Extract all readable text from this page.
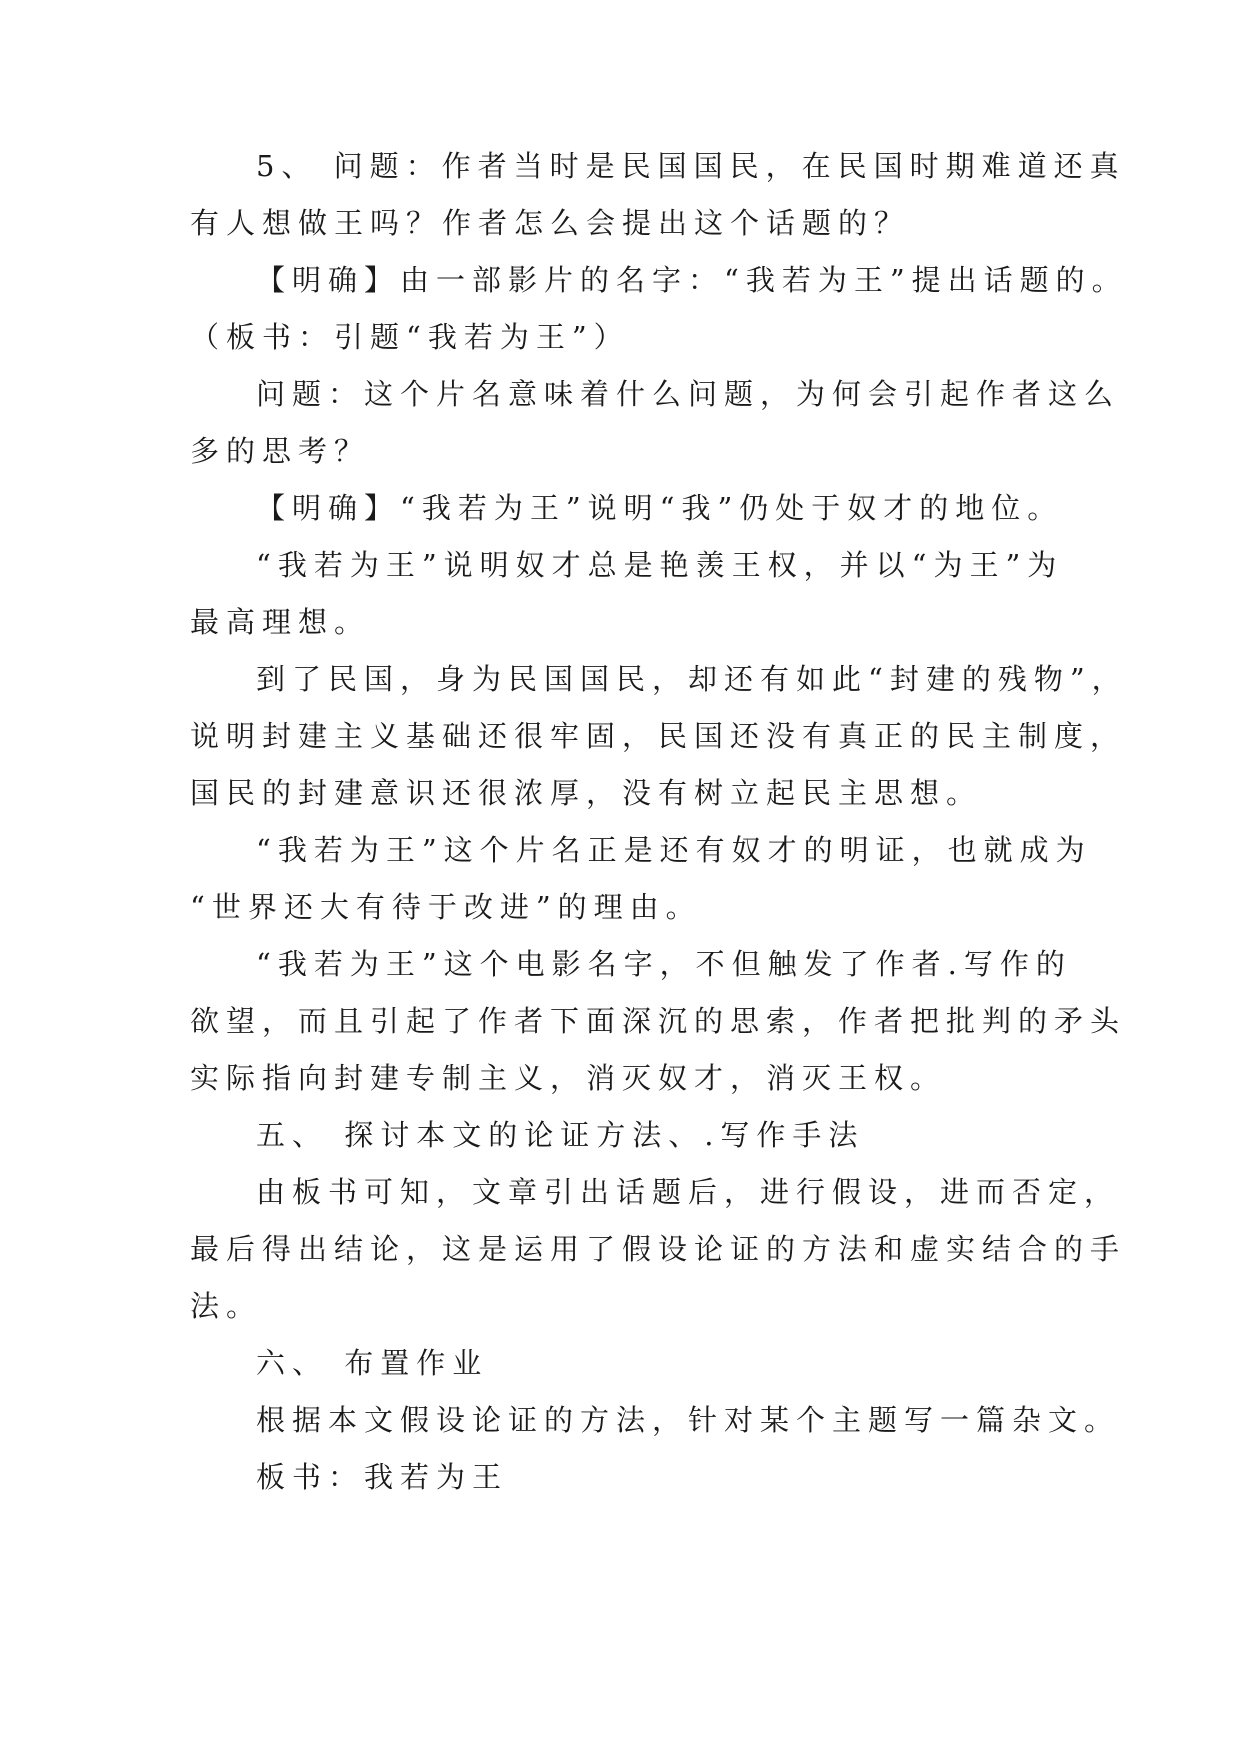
5、 问题：作者当时是民国国民，在民国时期难道还真
有人想做王吗？作者怎么会提出这个话题的？
【明确】由一部影片的名字：“我若为王”提出话题的。
（板书：引题“我若为王”）
问题：这个片名意味着什么问题，为何会引起作者这么
多的思考？
【明确】“我若为王”说明“我”仍处于奴才的地位。
“我若为王”说明奴才总是艳羡王权，并以“为王”为
最高理想。
到了民国，身为民国国民，却还有如此“封建的残物”，
说明封建主义基础还很牢固，民国还没有真正的民主制度，
国民的封建意识还很浓厚，没有树立起民主思想。
“我若为王”这个片名正是还有奴才的明证，也就成为
“世界还大有待于改进”的理由。
“我若为王”这个电影名字，不但触发了作者.写作的
欲望，而且引起了作者下面深沉的思索，作者把批判的矛头
实际指向封建专制主义，消灭奴才，消灭王权。
五、 探讨本文的论证方法、.写作手法
由板书可知，文章引出话题后，进行假设，进而否定，
最后得出结论，这是运用了假设论证的方法和虚实结合的手
法。
六、 布置作业
根据本文假设论证的方法，针对某个主题写一篇杂文。
板书：我若为王
